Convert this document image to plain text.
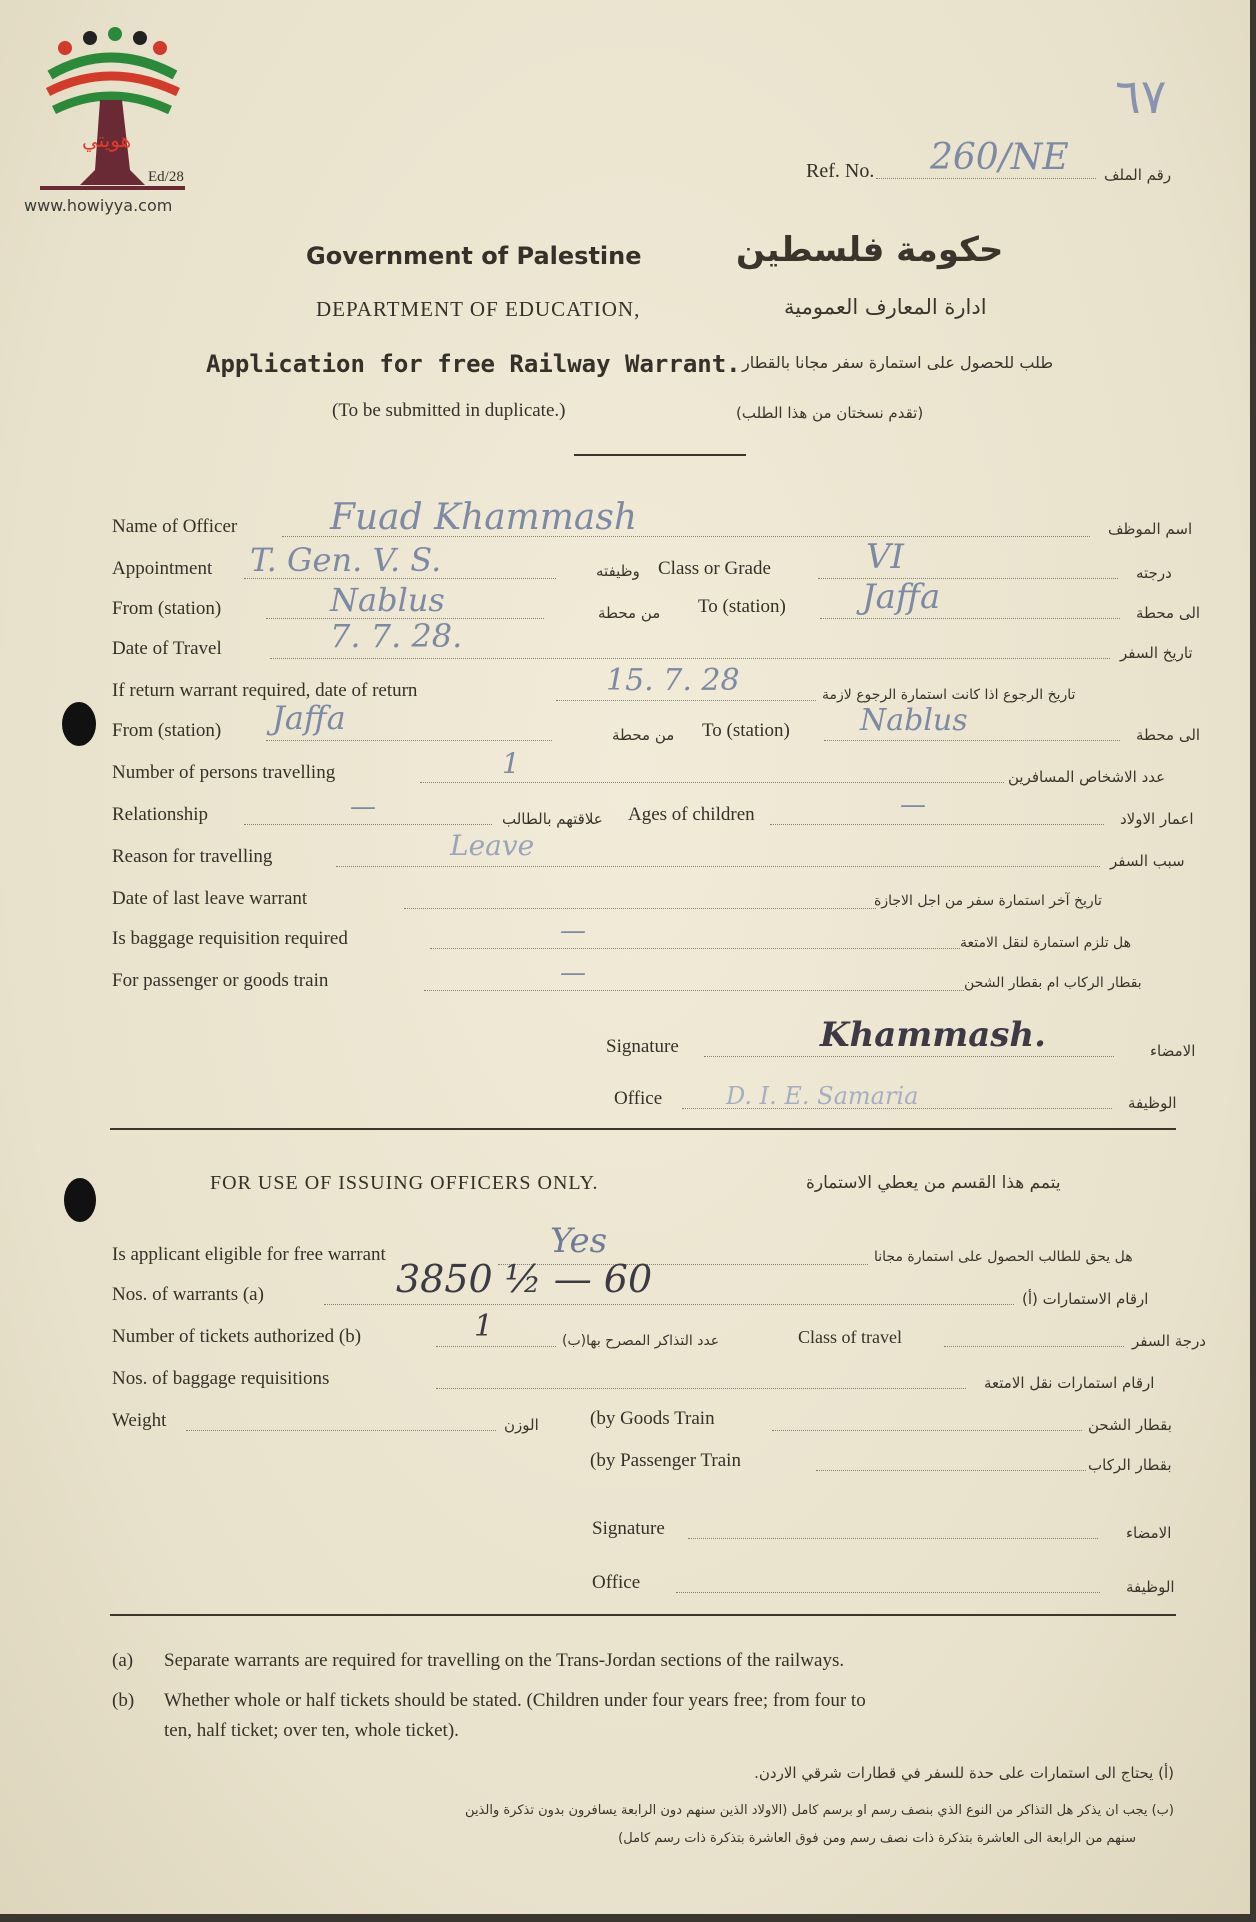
هويتي
www.howiyya.com
Ed/28
٦٧
Ref. No. 260/NE رقم الملف
Government of Palestine	حكومة فلسطين
DEPARTMENT OF EDUCATION,	ادارة المعارف العمومية
Application for free Railway Warrant. طلب للحصول على استمارة سفر مجانا بالقطار
(To be submitted in duplicate.)	(تقدم نسختان من هذا الطلب)
Name of Officer	Fuad Khammash	اسم الموظف
Appointment T. Gen. V. S.	وظيفته Class or Grade	VI	درجته
From (station)	Nablus	من محطة To (station) Jaffa	الى محطة
Date of Travel	7. 7. 28.	تاريخ السفر
If return warrant required, date of return	15. 7. 28	تاريخ الرجوع اذا كانت استمارة الرجوع لازمة
From (station) Jaffa	من محطة To (station) Nablus	الى محطة
Number of persons travelling	1	عدد الاشخاص المسافرين
Relationship	—	علاقتهم بالطالب Ages of children	—	اعمار الاولاد
Reason for travelling	Leave	سبب السفر
Date of last leave warrant	تاريخ آخر استمارة سفر من اجل الاجازة
Is baggage requisition required	—	هل تلزم استمارة لنقل الامتعة
For passenger or goods train	—	بقطار الركاب ام بقطار الشحن
Signature	Khammash.	الامضاء
Office	D. I. E. Samaria	الوظيفة
FOR USE OF ISSUING OFFICERS ONLY.	يتمم هذا القسم من يعطي الاستمارة
Is applicant eligible for free warrant	Yes	هل يحق للطالب الحصول على استمارة مجانا
Nos. of warrants (a)	3850 ½ — 60	ارقام الاستمارات (أ)
Number of tickets authorized (b)	1	عدد التذاكر المصرح بها(ب)	Class of travel	درجة السفر
Nos. of baggage requisitions	ارقام استمارات نقل الامتعة
Weight	الوزن	(by Goods Train	بقطار الشحن
(by Passenger Train	بقطار الركاب
Signature	الامضاء
Office	الوظيفة
(a) Separate warrants are required for travelling on the Trans-Jordan sections of the railways.
(b) Whether whole or half tickets should be stated. (Children under four years free; from four to
ten, half ticket; over ten, whole ticket).
(أ) يحتاج الى استمارات على حدة للسفر في قطارات شرقي الاردن.
(ب) يجب ان يذكر هل التذاكر من النوع الذي بنصف رسم او برسم كامل (الاولاد الذين سنهم دون الرابعة يسافرون بدون تذكرة والذين
سنهم من الرابعة الى العاشرة بتذكرة ذات نصف رسم ومن فوق العاشرة بتذكرة ذات رسم كامل)
